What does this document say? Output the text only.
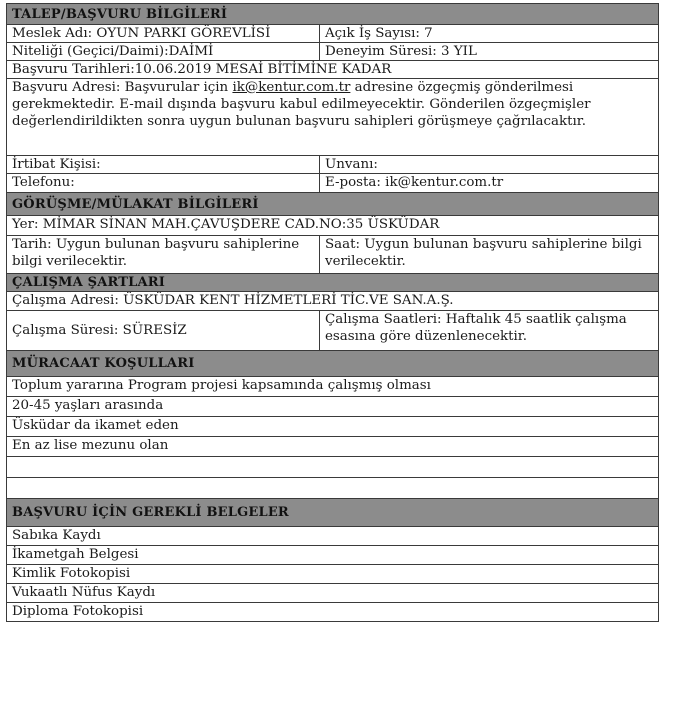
TALEP/BAŞVURU BİLGİLERİ	
Meslek Adı: OYUN PARKI GÖREVLİSİ	Açık İş Sayısı: 7
Niteliği (Geçici/Daimi):DAİMİ	Deneyim Süresi: 3 YIL
Başvuru Tarihleri:10.06.2019 MESAİ BİTİMİNE KADAR	
Başvuru Adresi: Başvurular için ik@kentur.com.tr adresine özgeçmiş gönderilmesi gerekmektedir. E-mail dışında başvuru kabul edilmeyecektir. Gönderilen özgeçmişler değerlendirildikten sonra uygun bulunan başvuru sahipleri görüşmeye çağrılacaktır.	
İrtibat Kişisi:	Unvanı:
Telefonu:	E-posta: ik@kentur.com.tr
GÖRÜŞME/MÜLAKAT BİLGİLERİ	
Yer: MİMAR SİNAN MAH.ÇAVUŞDERE CAD.NO:35 ÜSKÜDAR	
Tarih: Uygun bulunan başvuru sahiplerine bilgi verilecektir.	Saat: Uygun bulunan başvuru sahiplerine bilgi verilecektir.
ÇALIŞMA ŞARTLARI	
Çalışma Adresi: ÜSKÜDAR KENT HİZMETLERİ TİC.VE SAN.A.Ş.	
Çalışma Süresi: SÜRESİZ	Çalışma Saatleri: Haftalık 45 saatlik çalışma esasına göre düzenlenecektir.
MÜRACAAT KOŞULLARI	
Toplum yararına Program projesi kapsamında çalışmış olması	
20-45 yaşları arasında	
Üsküdar da ikamet eden	
En az lise mezunu olan	

BAŞVURU İÇİN GEREKLİ BELGELER	
Sabıka Kaydı	
İkametgah Belgesi	
Kimlik Fotokopisi	
Vukaatlı Nüfus Kaydı	
Diploma Fotokopisi	
